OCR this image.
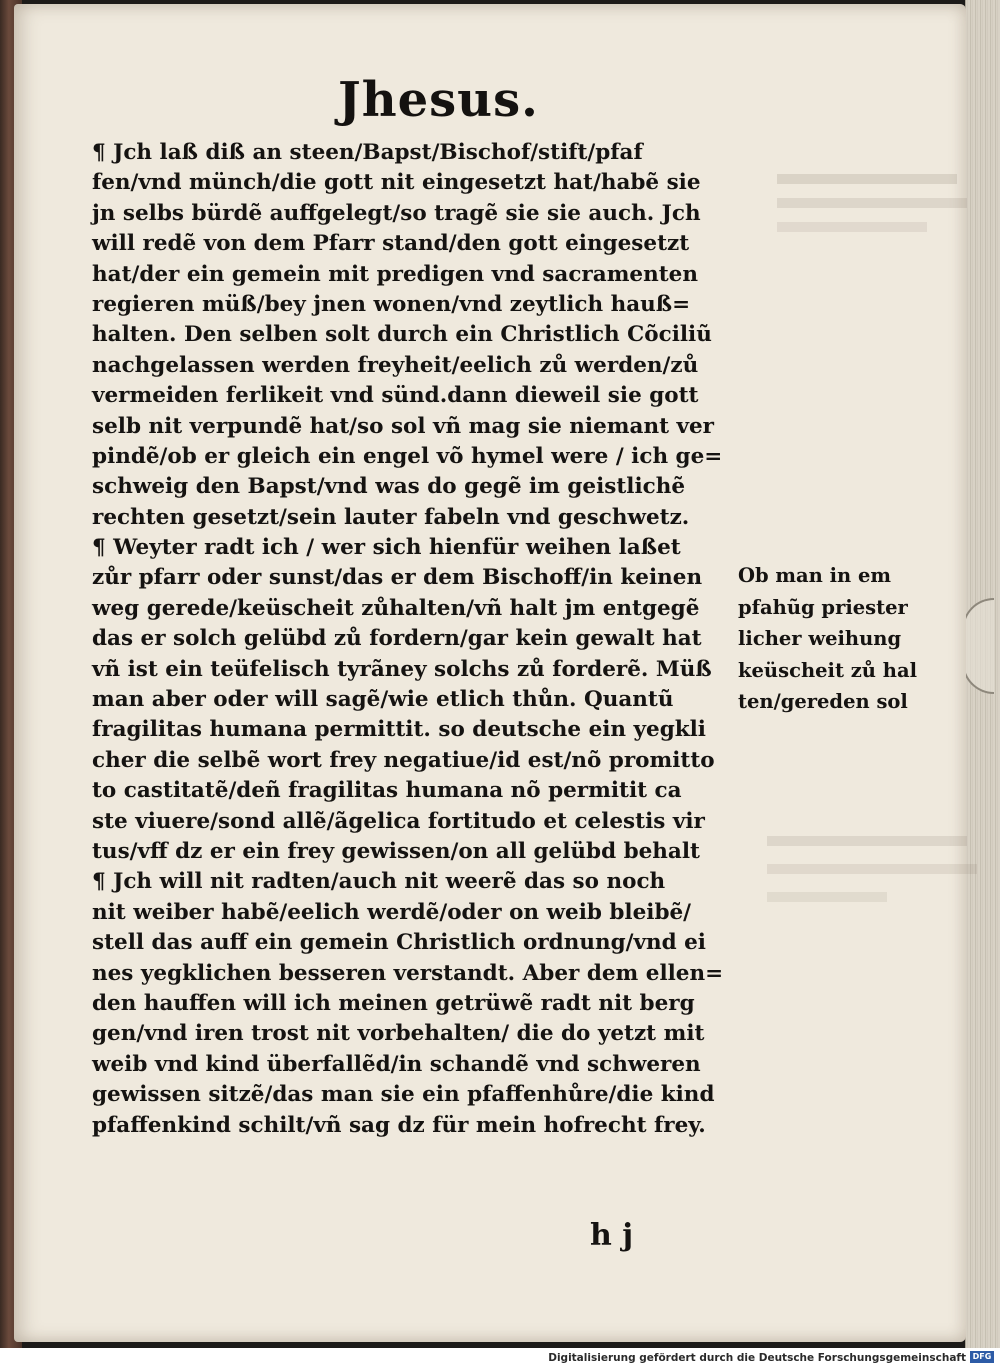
Jhesus.
¶ Jch laß diß an steen/Bapst/Bischof/stift/pfaf
fen/vnd münch/die gott nit eingesetzt hat/habẽ sie
jn selbs bürdẽ auffgelegt/so tragẽ sie sie auch. Jch
will redẽ von dem Pfarr stand/den gott eingesetzt
hat/der ein gemein mit predigen vnd sacramenten
regieren müß/bey jnen wonen/vnd zeytlich hauß=
halten. Den selben solt durch ein Christlich Cõciliũ
nachgelassen werden freyheit/eelich zů werden/zů
vermeiden ferlikeit vnd sünd.dann dieweil sie gott
selb nit verpundẽ hat/so sol vñ mag sie niemant ver
pindẽ/ob er gleich ein engel võ hymel were / ich ge=
schweig den Bapst/vnd was do gegẽ im geistlichẽ
rechten gesetzt/sein lauter fabeln vnd geschwetz.
¶ Weyter radt ich / wer sich hienfür weihen laßet
zůr pfarr oder sunst/das er dem Bischoff/in keinen
weg gerede/keüscheit zůhalten/vñ halt jm entgegẽ
das er solch gelübd zů fordern/gar kein gewalt hat
vñ ist ein teüfelisch tyrãney solchs zů forderẽ. Müß
man aber oder will sagẽ/wie etlich thůn. Quantũ
fragilitas humana permittit. so deutsche ein yegkli
cher die selbẽ wort frey negatiue/id est/nõ promitto
to castitatẽ/deñ fragilitas humana nõ permitit ca
ste viuere/sond allẽ/ãgelica fortitudo et celestis vir
tus/vff dz er ein frey gewissen/on all gelübd behalt
¶ Jch will nit radten/auch nit weerẽ das so noch
nit weiber habẽ/eelich werdẽ/oder on weib bleibẽ/
stell das auff ein gemein Christlich ordnung/vnd ei
nes yegklichen besseren verstandt. Aber dem ellen=
den hauffen will ich meinen getrüwẽ radt nit berg
gen/vnd iren trost nit vorbehalten/ die do yetzt mit
weib vnd kind überfallẽd/in schandẽ vnd schweren
gewissen sitzẽ/das man sie ein pfaffenhůre/die kind
pfaffenkind schilt/vñ sag dz für mein hofrecht frey.
Ob man in em
pfahũg priester
licher weihung
keüscheit zů hal
ten/gereden sol
h j
Digitalisierung gefördert durch die Deutsche Forschungsgemeinschaft DFG
